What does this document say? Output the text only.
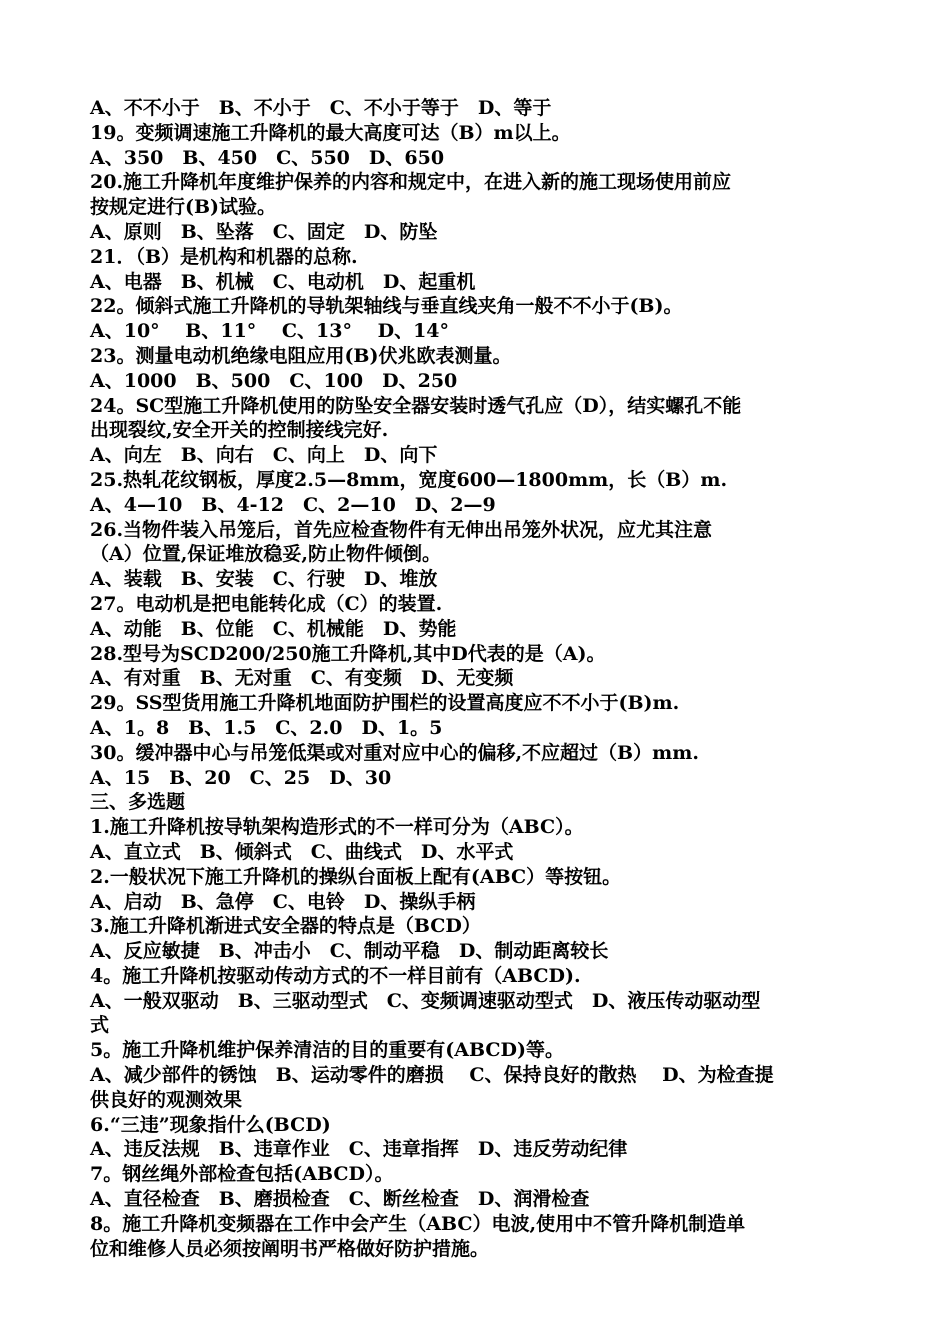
A、不不小于　B、不小于　C、不小于等于　D、等于
19。变频调速施工升降机的最大高度可达（B）m以上。
A、350　B、450　C、550　D、650
20.施工升降机年度维护保养的内容和规定中，在进入新的施工现场使用前应
按规定进行(B)试验。
A、原则　B、坠落　C、固定　D、防坠
21．（B）是机构和机器的总称.
A、电器　B、机械　C、电动机　D、起重机
22。倾斜式施工升降机的导轨架轴线与垂直线夹角一般不不小于(B)。
A、10°　 B、11°　 C、13°　 D、14°
23。测量电动机绝缘电阻应用(B)伏兆欧表测量。
A、1000　B、500　C、100　D、250
24。SC型施工升降机使用的防坠安全器安装时透气孔应（D），结实螺孔不能
出现裂纹,安全开关的控制接线完好.
A、向左　B、向右　C、向上　D、向下
25.热轧花纹钢板，厚度2.5—8mm，宽度600—1800mm，长（B）m.
A、4—10　B、4-12　C、2—10　D、2—9
26.当物件装入吊笼后，首先应检查物件有无伸出吊笼外状况，应尤其注意
（A）位置,保证堆放稳妥,防止物件倾倒。
A、装载　B、安装　C、行驶　D、堆放
27。电动机是把电能转化成（C）的装置.
A、动能　B、位能　C、机械能　D、势能
28.型号为SCD200/250施工升降机,其中D代表的是（A)。
A、有对重　B、无对重　C、有变频　D、无变频
29。SS型货用施工升降机地面防护围栏的设置高度应不不小于(B)m.
A、1。8　B、1.5　C、2.0　D、1。5
30。缓冲器中心与吊笼低渠或对重对应中心的偏移,不应超过（B）mm.
A、15　B、20　C、25　D、30
三、多选题
1.施工升降机按导轨架构造形式的不一样可分为（ABC）。
A、直立式　B、倾斜式　C、曲线式　D、水平式
2.一般状况下施工升降机的操纵台面板上配有(ABC）等按钮。
A、启动　B、急停　C、电铃　D、操纵手柄
3.施工升降机渐进式安全器的特点是（BCD）
A、反应敏捷　B、冲击小　C、制动平稳　D、制动距离较长
4。施工升降机按驱动传动方式的不一样目前有（ABCD).
A、一般双驱动　B、三驱动型式　C、变频调速驱动型式　D、液压传动驱动型
式
5。施工升降机维护保养清洁的目的重要有(ABCD)等。
A、减少部件的锈蚀　B、运动零件的磨损　 C、保持良好的散热　 D、为检查提
供良好的观测效果
6.“三违”现象指什么(BCD)
A、违反法规　B、违章作业　C、违章指挥　D、违反劳动纪律
7。钢丝绳外部检查包括(ABCD）。
A、直径检查　B、磨损检查　C、断丝检查　D、润滑检查
8。施工升降机变频器在工作中会产生（ABC）电波,使用中不管升降机制造单
位和维修人员必须按阐明书严格做好防护措施。
